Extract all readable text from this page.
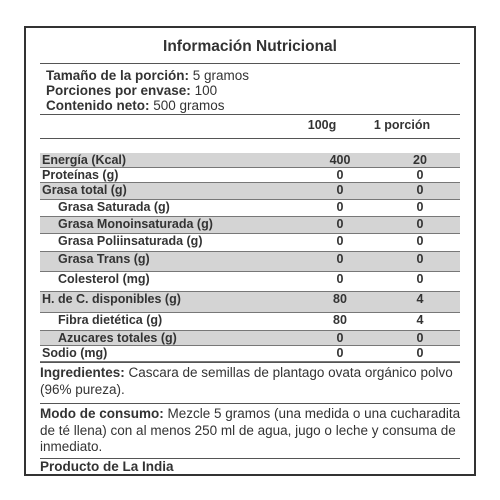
Información Nutricional
Tamaño de la porción: 5 gramos
Porciones por envase: 100
Contenido neto: 500 gramos
100g	1 porción
Energía (Kcal)	400	20
Proteínas (g)	0	0
Grasa total (g)	0	0
Grasa Saturada (g)	0	0
Grasa Monoinsaturada (g)	0	0
Grasa Poliinsaturada (g)	0	0
Grasa Trans (g)	0	0
Colesterol (mg)	0	0
H. de C. disponibles (g)	80	4
Fibra dietética (g)	80	4
Azucares totales (g)	0	0
Sodio (mg)	0	0
Ingredientes: Cascara de semillas de plantago ovata orgánico polvo (96% pureza).
Modo de consumo: Mezcle 5 gramos (una medida o una cucharadita de té llena) con al menos 250 ml de agua, jugo o leche y consuma de inmediato.
Producto de La India
